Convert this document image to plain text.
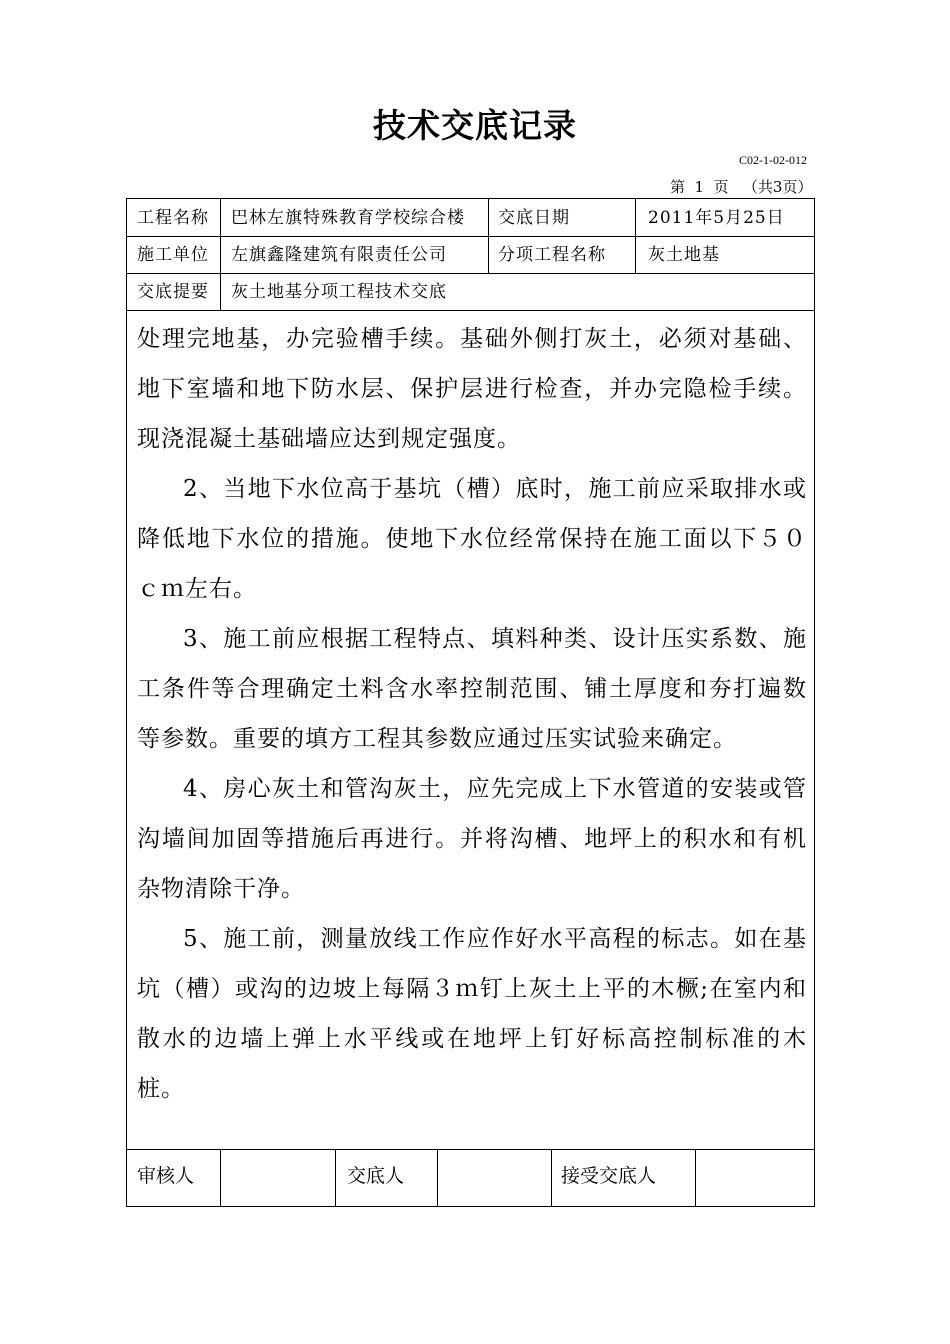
技术交底记录
C02-1-02-012
第  1  页   （共3页）
工程名称 巴林左旗特殊教育学校综合楼 交底日期	2011年5月25日
施工单位 左旗鑫隆建筑有限责任公司	分项工程名称 灰土地基
交底提要 灰土地基分项工程技术交底

处理完地基，办完验槽手续。基础外侧打灰土，必须对基础、地下室墙和地下防水层、保护层进行检查，并办完隐检手续。现浇混凝土基础墙应达到规定强度。

2、当地下水位高于基坑（槽）底时，施工前应采取排水或降低地下水位的措施。使地下水位经常保持在施工面以下５０ｃｍ左右。

3、施工前应根据工程特点、填料种类、设计压实系数、施工条件等合理确定土料含水率控制范围、铺土厚度和夯打遍数等参数。重要的填方工程其参数应通过压实试验来确定。

4、房心灰土和管沟灰土，应先完成上下水管道的安装或管沟墙间加固等措施后再进行。并将沟槽、地坪上的积水和有机杂物清除干净。

5、施工前，测量放线工作应作好水平高程的标志。如在基坑（槽）或沟的边坡上每隔３ｍ钉上灰土上平的木橛;在室内和散水的边墙上弹上水平线或在地坪上钉好标高控制标准的木桩。

审核人	交底人	接受交底人
